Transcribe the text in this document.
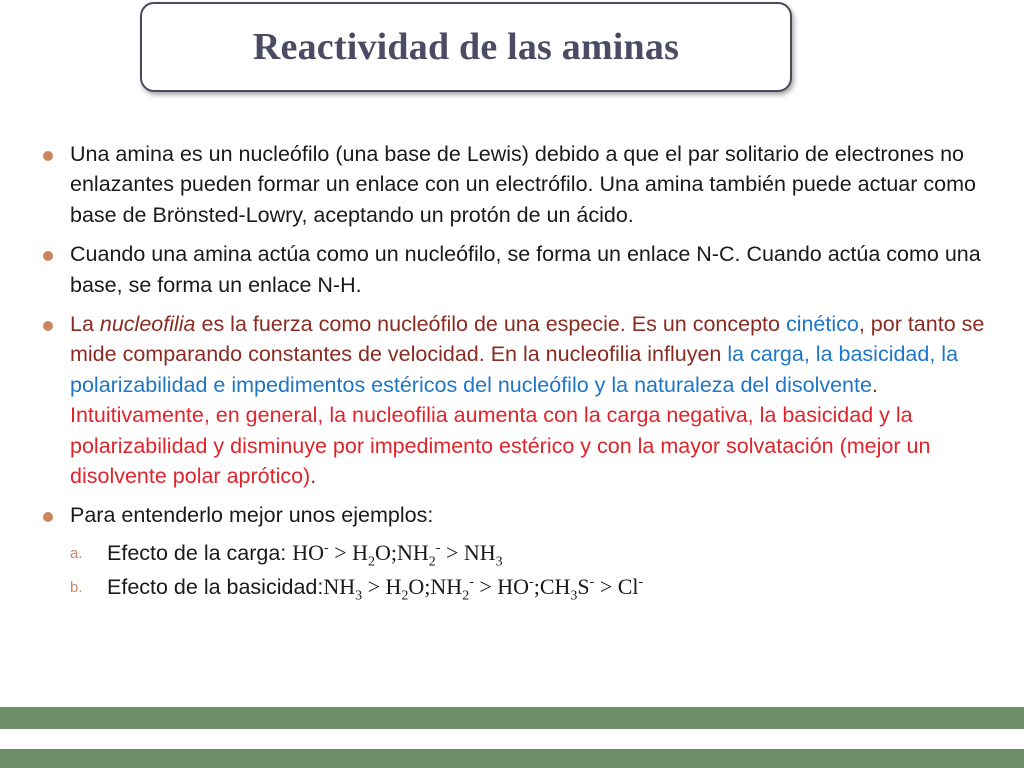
Reactividad de las aminas
Una amina es un nucleófilo (una base de Lewis) debido a que el par solitario de electrones no enlazantes pueden formar un enlace con un electrófilo. Una amina también puede actuar como base de Brönsted-Lowry, aceptando un protón de un ácido.
Cuando una amina actúa como un nucleófilo, se forma un enlace N-C. Cuando actúa como una base, se forma un enlace N-H.
La nucleofilia es la fuerza como nucleófilo de una especie. Es un concepto cinético, por tanto se mide comparando constantes de velocidad. En la nucleofilia influyen la carga, la basicidad, la polarizabilidad e impedimentos estéricos del nucleófilo y la naturaleza del disolvente. Intuitivamente, en general, la nucleofilia aumenta con la carga negativa, la basicidad y la polarizabilidad y disminuye por impedimento estérico y con la mayor solvatación (mejor un disolvente polar aprótico).
Para entenderlo mejor unos ejemplos:
a. Efecto de la carga: $HO^- > H_2O;NH_2^- > NH_3$
b. Efecto de la $basicidad:NH_3$ > $H_2O;NH_2^-$ > $HO^-;CH_3S^- > Cl^-$
